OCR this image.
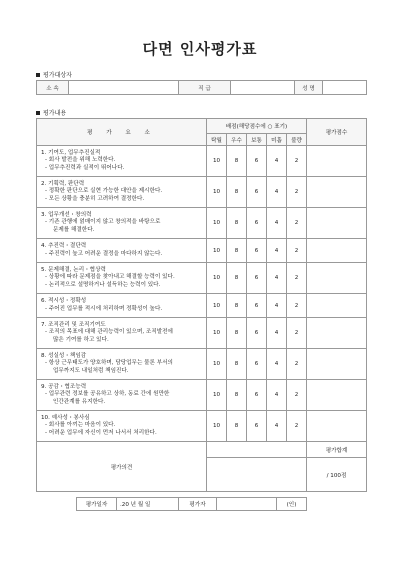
다면 인사평가표
평가대상자
소 속		직 급		성 명	
평가내용
평 가 요 소	배점(해당점수에 ○ 표기)					평가점수
	탁월	우수	보통	미흡	불량	

1. 기여도, 업무추진실적
- 회사 발전을 위해 노력한다.
- 업무추진력과 실적이 뛰어나다.	10	8	6	4	2	

2. 기획력, 판단력
- 정확한 판단으로 실현 가능한 대안을 제시한다.
- 모든 상황을 충분히 고려하여 결정한다.	10	8	6	4	2	

3. 업무개선・창의력
- 기존 관행에 얽매이지 않고 창의적을 바탕으로
문제를 해결한다.	10	8	6	4	2	

4. 추진력・결단력
- 주진력이 높고 어려운 결정을 마다하지 않는다.	10	8	6	4	2	

5. 문제해결, 논리・협상력
- 상황에 따라 문제점을 찾아내고 해결할 능력이 있다.
- 논리적으로 설명하거나 설득하는 능력이 있다.	10	8	6	4	2	

6. 적시성・정확성
- 주어진 업무를 적시에 처리하며 정확성이 높다.	10	8	6	4	2	

7. 조직관리 및 조직기여도
- 조직의 목표에 대해 관리능력이 있으며, 조직발전에
많은 기여를 하고 있다.	10	8	6	4	2	

8. 성실성・책임감
- 항상 근무태도가 양호하며, 담당업무는 물론 부서의
업무까지도 내일처럼 책임진다.	10	8	6	4	2	

9. 공감・협조능력
- 업무관련 정보를 공유하고 상하, 동료 간에 원만한
인간관계를 유지한다.	10	8	6	4	2	

10. 예사성・봉사심
- 회사를 아끼는 마음이 있다.
- 어려운 업무에 자신이 먼저 나서서 처리한다.	10	8	6	4	2	
평가의견						평가합계
						/ 100점
평가일자	.20 년 월 일	평가자		(인)
